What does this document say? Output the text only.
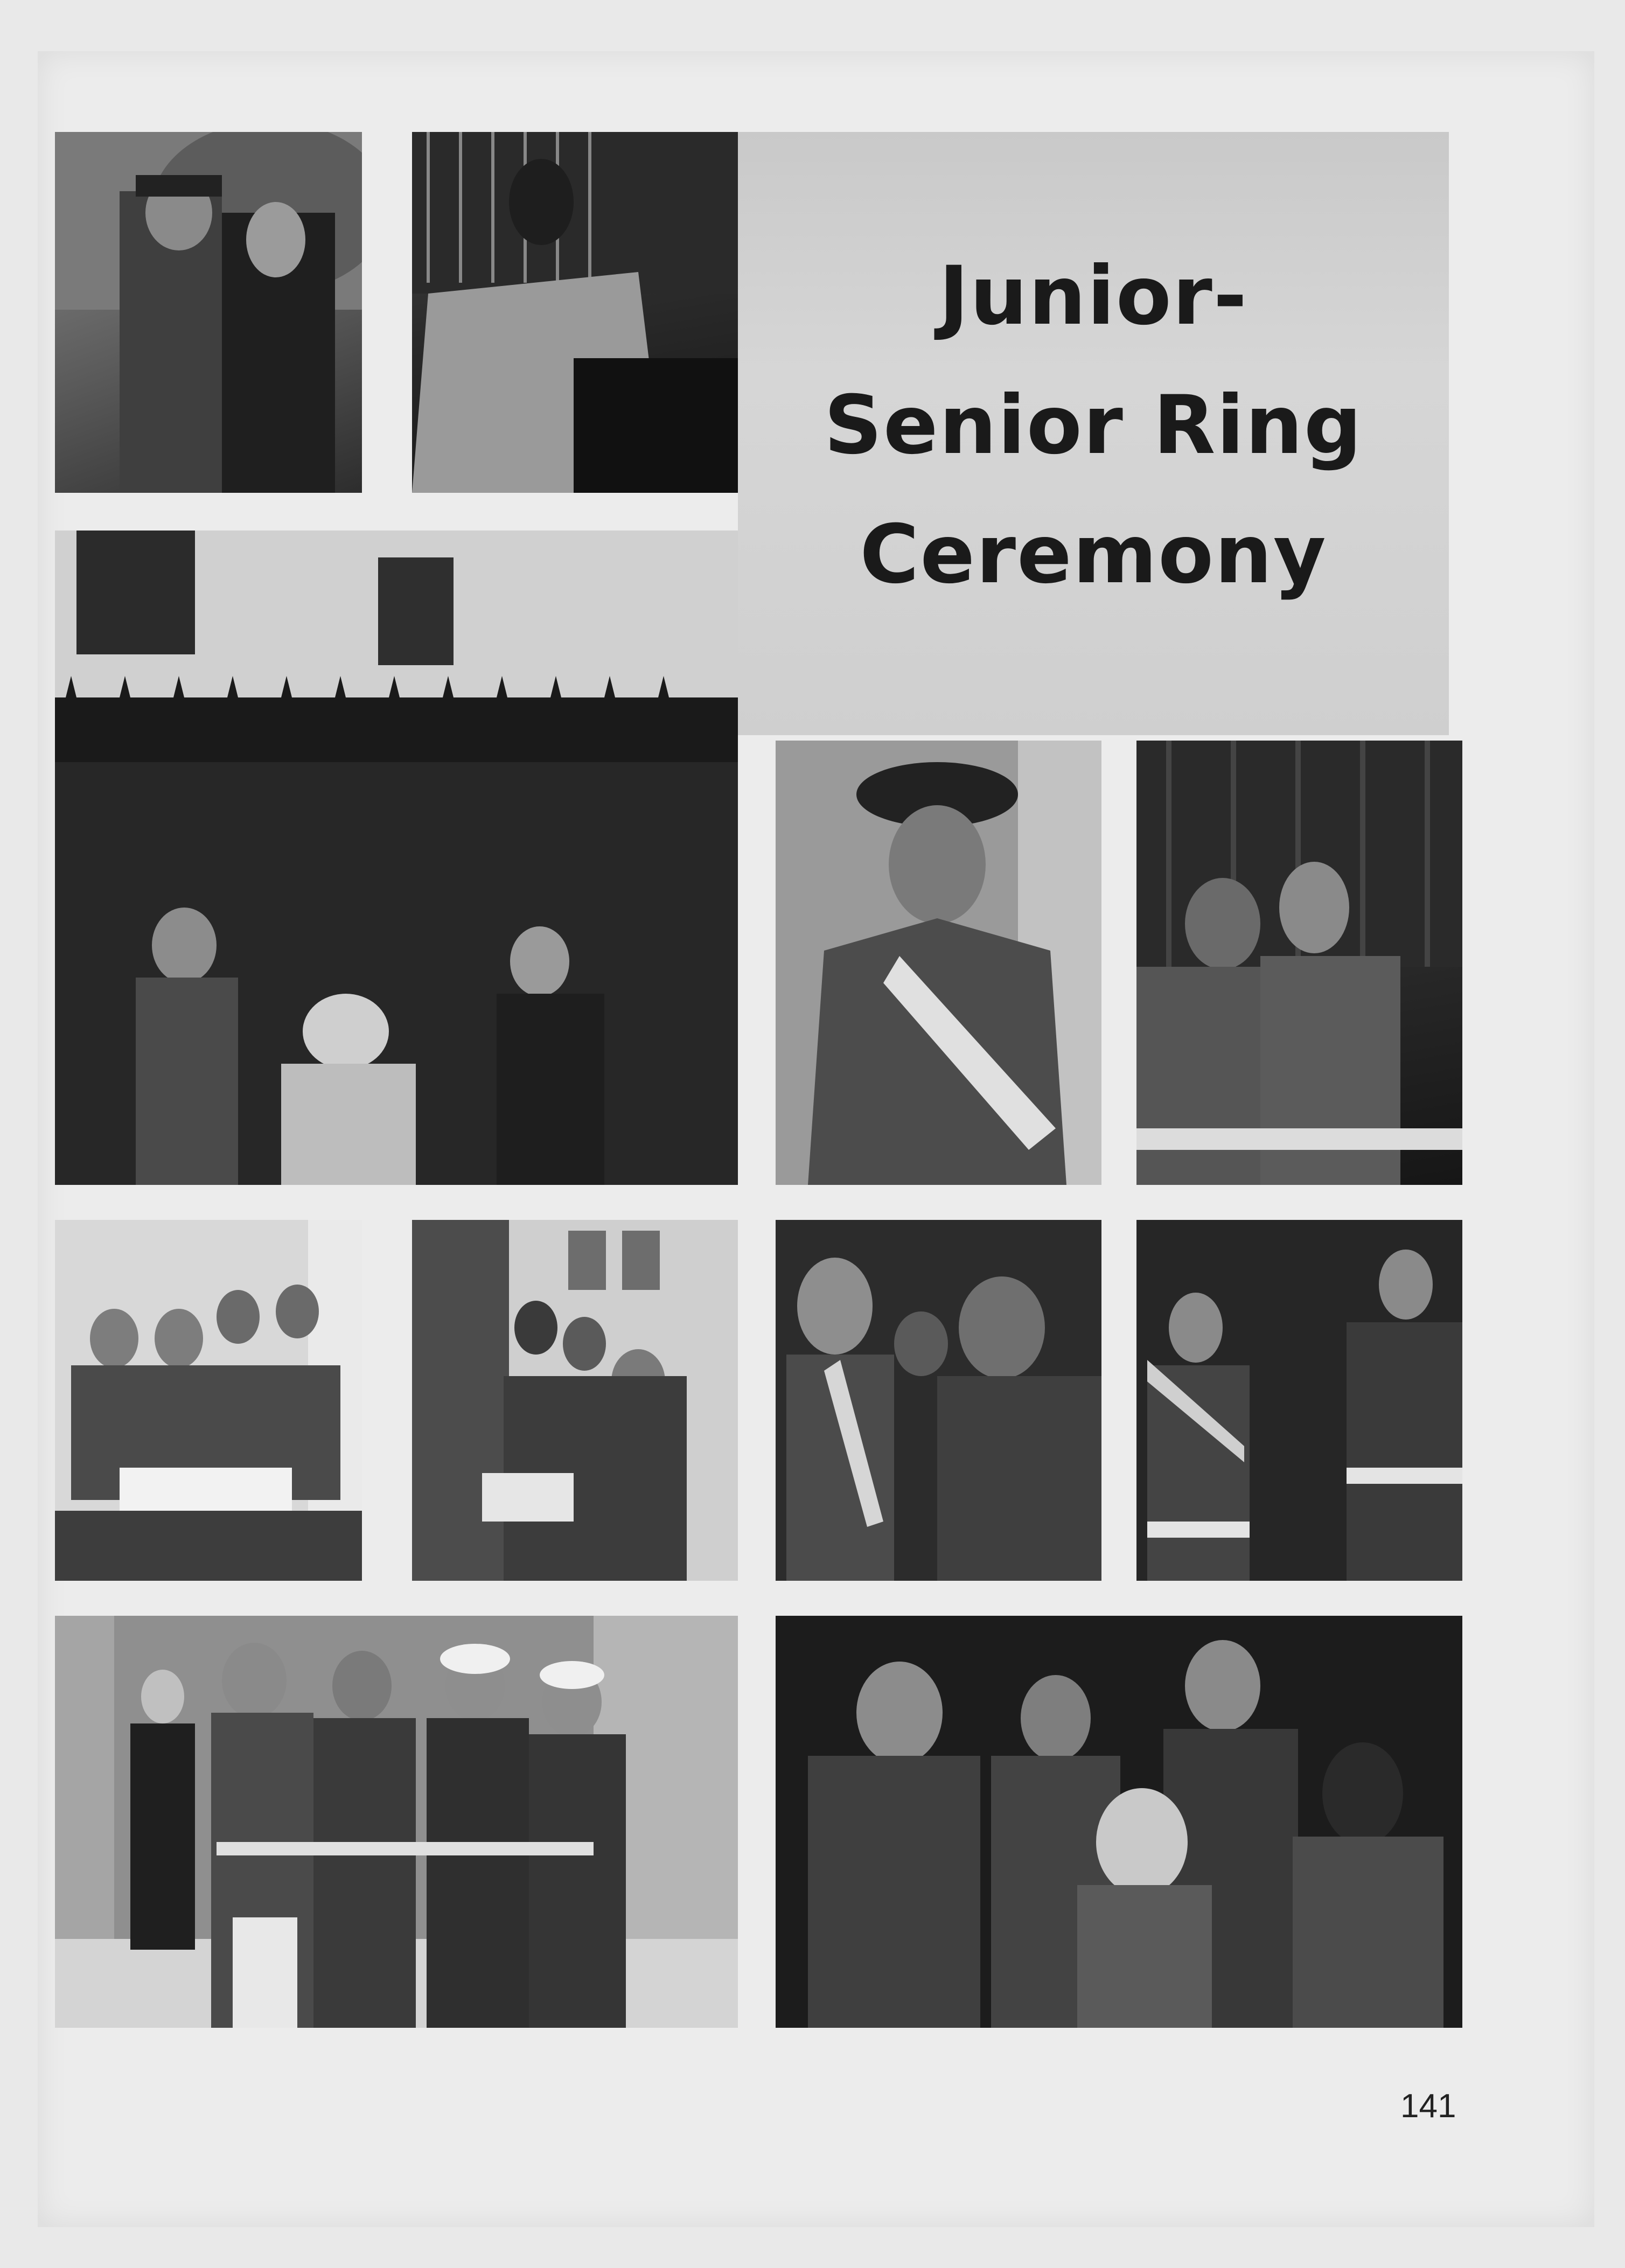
Junior-
Senior Ring
Ceremony
141
